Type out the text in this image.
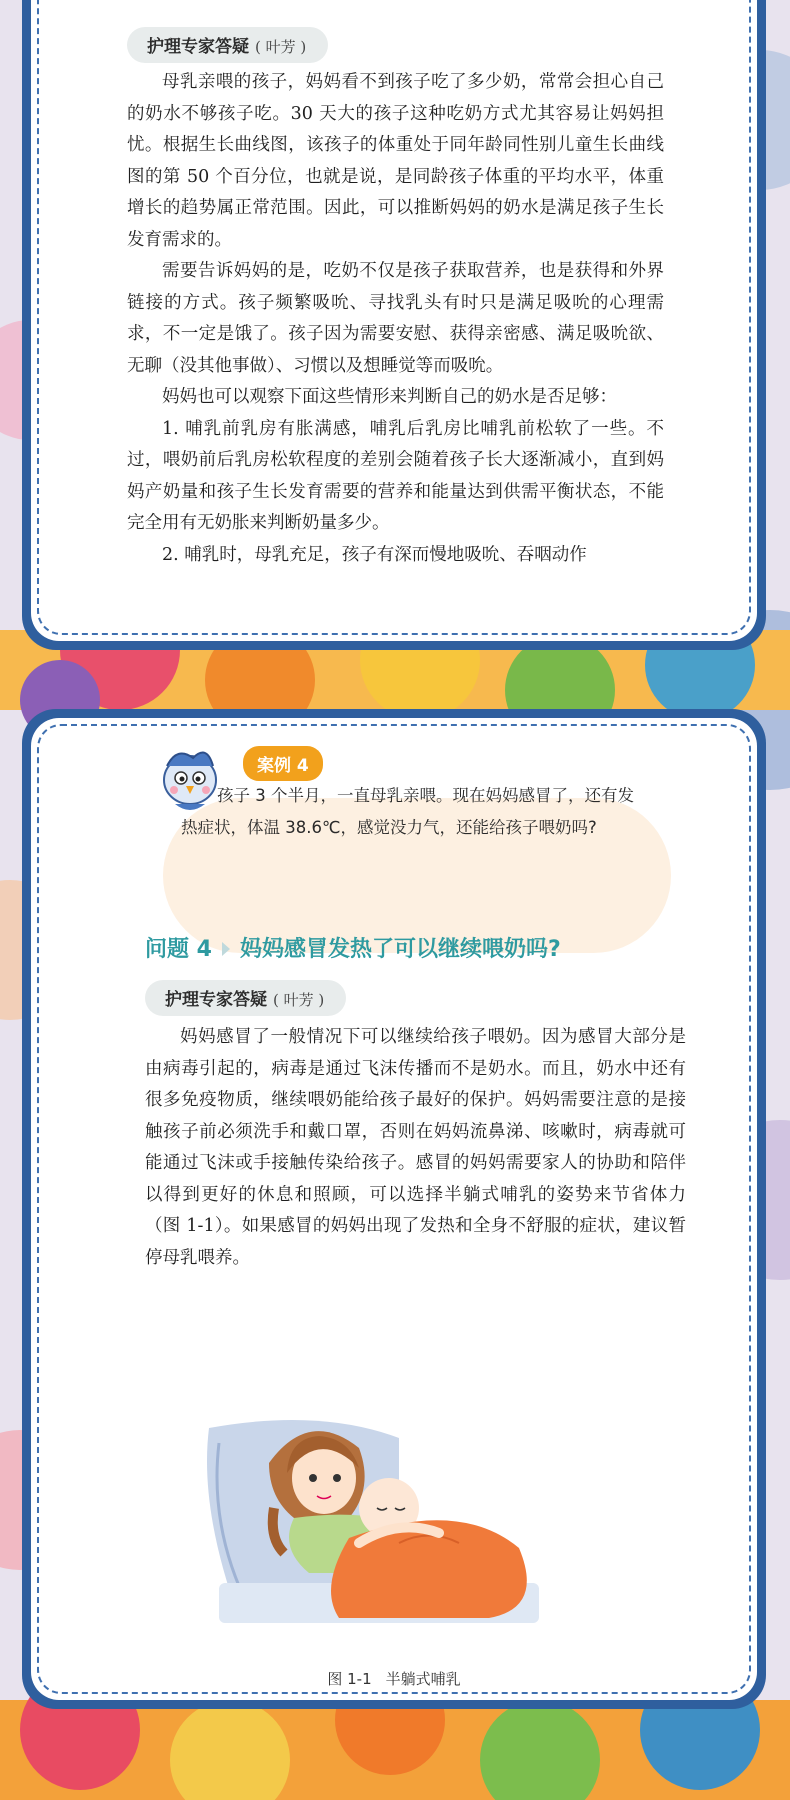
护理专家答疑 ( 叶芳 )

母乳亲喂的孩子，妈妈看不到孩子吃了多少奶，常常会担心自己的奶水不够孩子吃。30 天大的孩子这种吃奶方式尤其容易让妈妈担忧。根据生长曲线图，该孩子的体重处于同年龄同性别儿童生长曲线图的第 50 个百分位，也就是说，是同龄孩子体重的平均水平，体重增长的趋势属正常范围。因此，可以推断妈妈的奶水是满足孩子生长发育需求的。

需要告诉妈妈的是，吃奶不仅是孩子获取营养，也是获得和外界链接的方式。孩子频繁吸吮、寻找乳头有时只是满足吸吮的心理需求，不一定是饿了。孩子因为需要安慰、获得亲密感、满足吸吮欲、无聊（没其他事做）、习惯以及想睡觉等而吸吮。

妈妈也可以观察下面这些情形来判断自己的奶水是否足够：

1. 哺乳前乳房有胀满感，哺乳后乳房比哺乳前松软了一些。不过，喂奶前后乳房松软程度的差别会随着孩子长大逐渐减小，直到妈妈产奶量和孩子生长发育需要的营养和能量达到供需平衡状态，不能完全用有无奶胀来判断奶量多少。

2. 哺乳时，母乳充足，孩子有深而慢地吸吮、吞咽动作

案例 4
孩子 3 个半月，一直母乳亲喂。现在妈妈感冒了，还有发热症状，体温 38.6℃，感觉没力气，还能给孩子喂奶吗?
问题 4 妈妈感冒发热了可以继续喂奶吗?
护理专家答疑 ( 叶芳 )

妈妈感冒了一般情况下可以继续给孩子喂奶。因为感冒大部分是由病毒引起的，病毒是通过飞沫传播而不是奶水。而且，奶水中还有很多免疫物质，继续喂奶能给孩子最好的保护。妈妈需要注意的是接触孩子前必须洗手和戴口罩，否则在妈妈流鼻涕、咳嗽时，病毒就可能通过飞沫或手接触传染给孩子。感冒的妈妈需要家人的协助和陪伴以得到更好的休息和照顾，可以选择半躺式哺乳的姿势来节省体力（图 1-1）。如果感冒的妈妈出现了发热和全身不舒服的症状，建议暂停母乳喂养。

图 1-1 半躺式哺乳
